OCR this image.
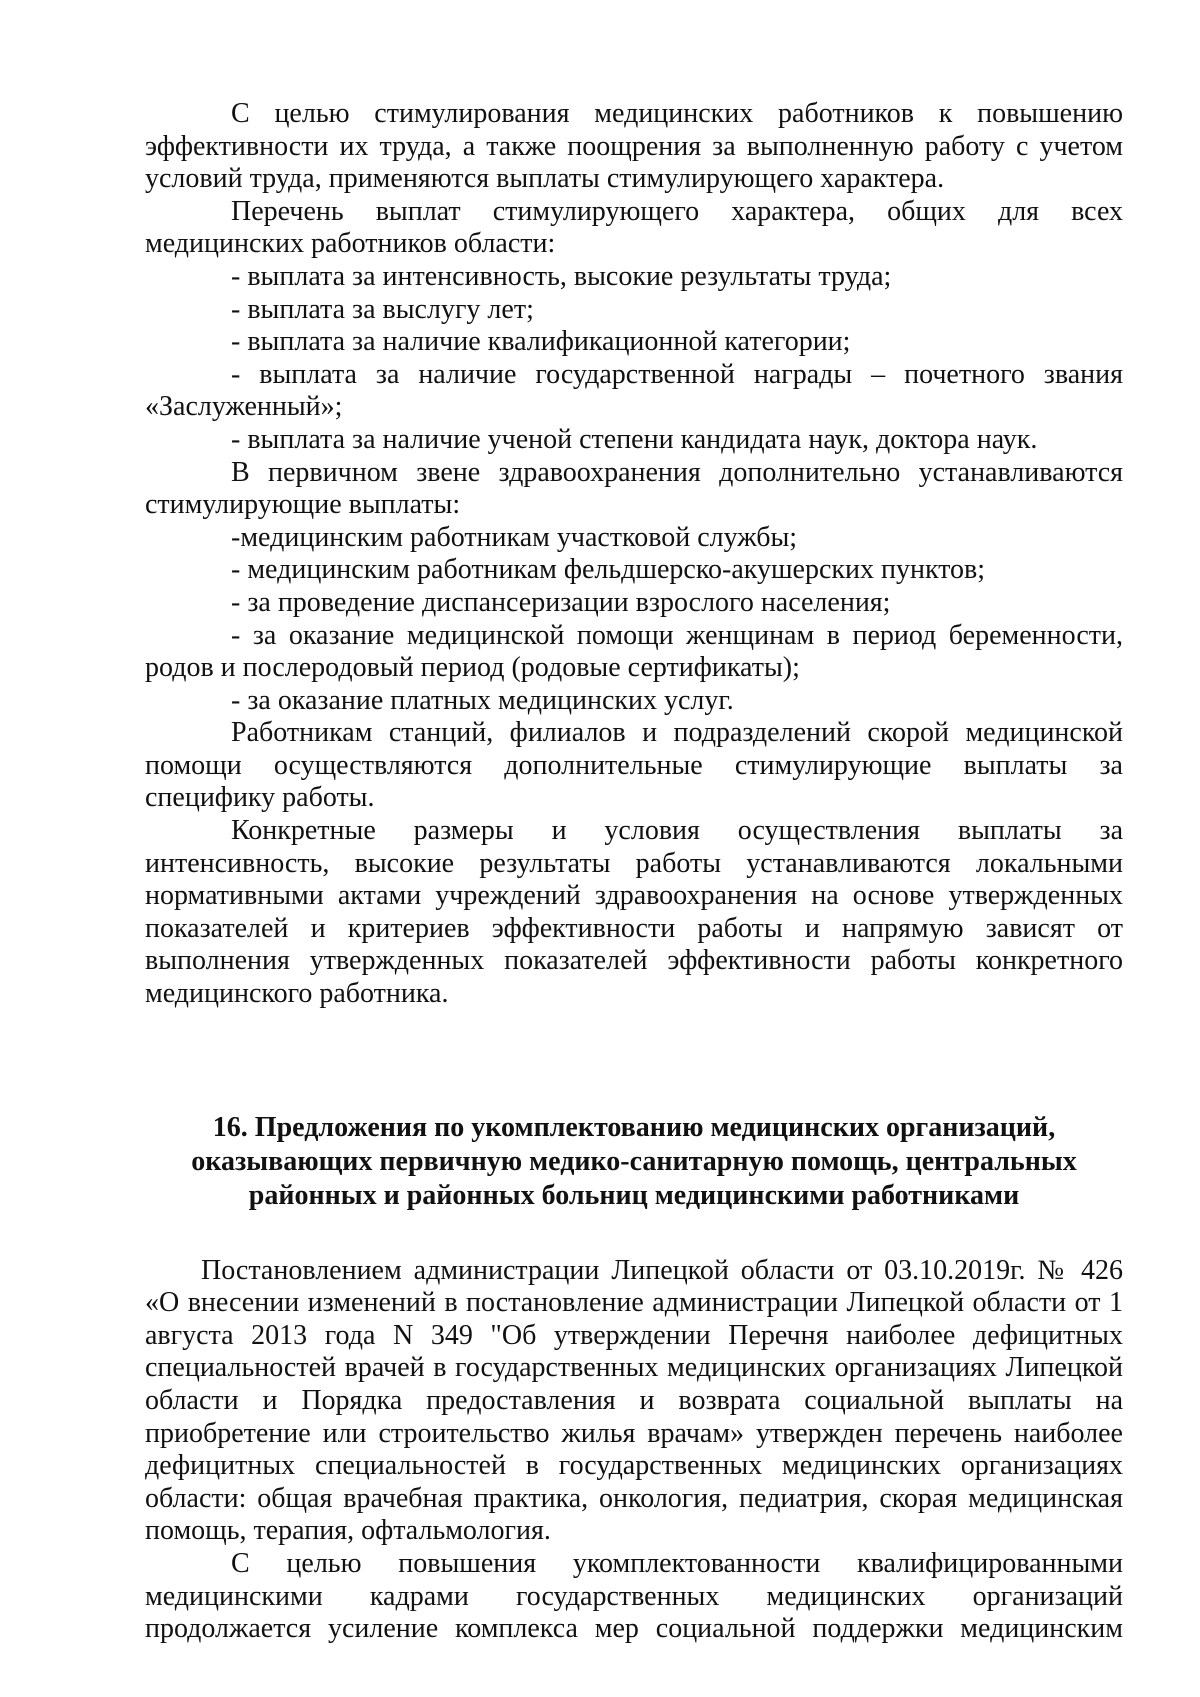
С целью стимулирования медицинских работников к повышению эффективности их труда, а также поощрения за выполненную работу с учетом условий труда, применяются выплаты стимулирующего характера.

Перечень выплат стимулирующего характера, общих для всех медицинских работников области:

- выплата за интенсивность, высокие результаты труда;

- выплата за выслугу лет;

- выплата за наличие квалификационной категории;

- выплата за наличие государственной награды – почетного звания «Заслуженный»;

- выплата за наличие ученой степени кандидата наук, доктора наук.

В первичном звене здравоохранения дополнительно устанавливаются стимулирующие выплаты:

-медицинским работникам участковой службы;

- медицинским работникам фельдшерско-акушерских пунктов;

- за проведение диспансеризации взрослого населения;

- за оказание медицинской помощи женщинам в период беременности, родов и послеродовый период (родовые сертификаты);

- за оказание платных медицинских услуг.

Работникам станций, филиалов и подразделений скорой медицинской помощи осуществляются дополнительные стимулирующие выплаты за специфику работы.

Конкретные размеры и условия осуществления выплаты за интенсивность, высокие результаты работы устанавливаются локальными нормативными актами учреждений здравоохранения на основе утвержденных показателей и критериев эффективности работы и напрямую зависят от выполнения утвержденных показателей эффективности работы конкретного медицинского работника.

16. Предложения по укомплектованию медицинских организаций,

оказывающих первичную медико-санитарную помощь, центральных

районных и районных больниц медицинскими работниками

Постановлением администрации Липецкой области от 03.10.2019г. № 426 «О внесении изменений в постановление администрации Липецкой области от 1 августа 2013 года N 349 "Об утверждении Перечня наиболее дефицитных специальностей врачей в государственных медицинских организациях Липецкой области и Порядка предоставления и возврата социальной выплаты на приобретение или строительство жилья врачам» утвержден перечень наиболее дефицитных специальностей в государственных медицинских организациях области: общая врачебная практика, онкология, педиатрия, скорая медицинская помощь, терапия, офтальмология.

С целью повышения укомплектованности квалифицированными медицинскими кадрами государственных медицинских организаций продолжается усиление комплекса мер социальной поддержки медицинским
